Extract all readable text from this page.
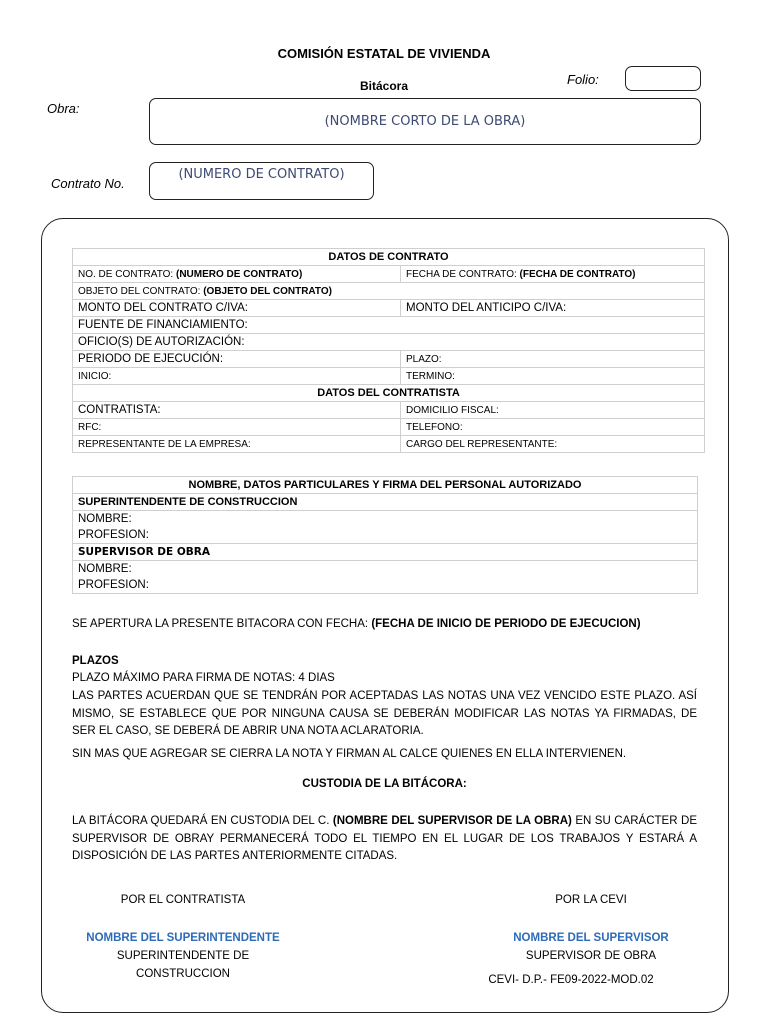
COMISIÓN ESTATAL DE VIVIENDA
Bitácora	Folio:
Obra:
(NOMBRE CORTO DE LA OBRA)
Contrato No.
(NUMERO DE CONTRATO)
DATOS DE CONTRATO	
NO. DE CONTRATO: (NUMERO DE CONTRATO)	FECHA DE CONTRATO: (FECHA DE CONTRATO)
OBJETO DEL CONTRATO: (OBJETO DEL CONTRATO)	
MONTO DEL CONTRATO C/IVA:	MONTO DEL ANTICIPO C/IVA:
FUENTE DE FINANCIAMIENTO:	
OFICIO(S) DE AUTORIZACIÓN:	
PERIODO DE EJECUCIÓN:	PLAZO:
INICIO:	TERMINO:
DATOS DEL CONTRATISTA	
CONTRATISTA:	DOMICILIO FISCAL:
RFC:	TELEFONO:
REPRESENTANTE DE LA EMPRESA:	CARGO DEL REPRESENTANTE:
NOMBRE, DATOS PARTICULARES Y FIRMA DEL PERSONAL AUTORIZADO
SUPERINTENDENTE DE CONSTRUCCION
NOMBRE:
PROFESION:
SUPERVISOR DE OBRA
NOMBRE:
PROFESION:
SE APERTURA LA PRESENTE BITACORA CON FECHA: (FECHA DE INICIO DE PERIODO DE EJECUCION)
PLAZOS
PLAZO MÁXIMO PARA FIRMA DE NOTAS: 4 DIAS
LAS PARTES ACUERDAN QUE SE TENDRÁN POR ACEPTADAS LAS NOTAS UNA VEZ VENCIDO ESTE PLAZO. ASÍ MISMO, SE ESTABLECE QUE POR NINGUNA CAUSA SE DEBERÁN MODIFICAR LAS NOTAS YA FIRMADAS, DE SER EL CASO, SE DEBERÁ DE ABRIR UNA NOTA ACLARATORIA.
SIN MAS QUE AGREGAR SE CIERRA LA NOTA Y FIRMAN AL CALCE QUIENES EN ELLA INTERVIENEN.
CUSTODIA DE LA BITÁCORA:
LA BITÁCORA QUEDARÁ EN CUSTODIA DEL C. (NOMBRE DEL SUPERVISOR DE LA OBRA) EN SU CARÁCTER DE SUPERVISOR DE OBRAY PERMANECERÁ TODO EL TIEMPO EN EL LUGAR DE LOS TRABAJOS Y ESTARÁ A DISPOSICIÓN DE LAS PARTES ANTERIORMENTE CITADAS.
POR EL CONTRATISTA	POR LA CEVI
NOMBRE DEL SUPERINTENDENTE	NOMBRE DEL SUPERVISOR
SUPERINTENDENTE DE CONSTRUCCION
SUPERVISOR DE OBRA
CEVI- D.P.- FE09-2022-MOD.02
